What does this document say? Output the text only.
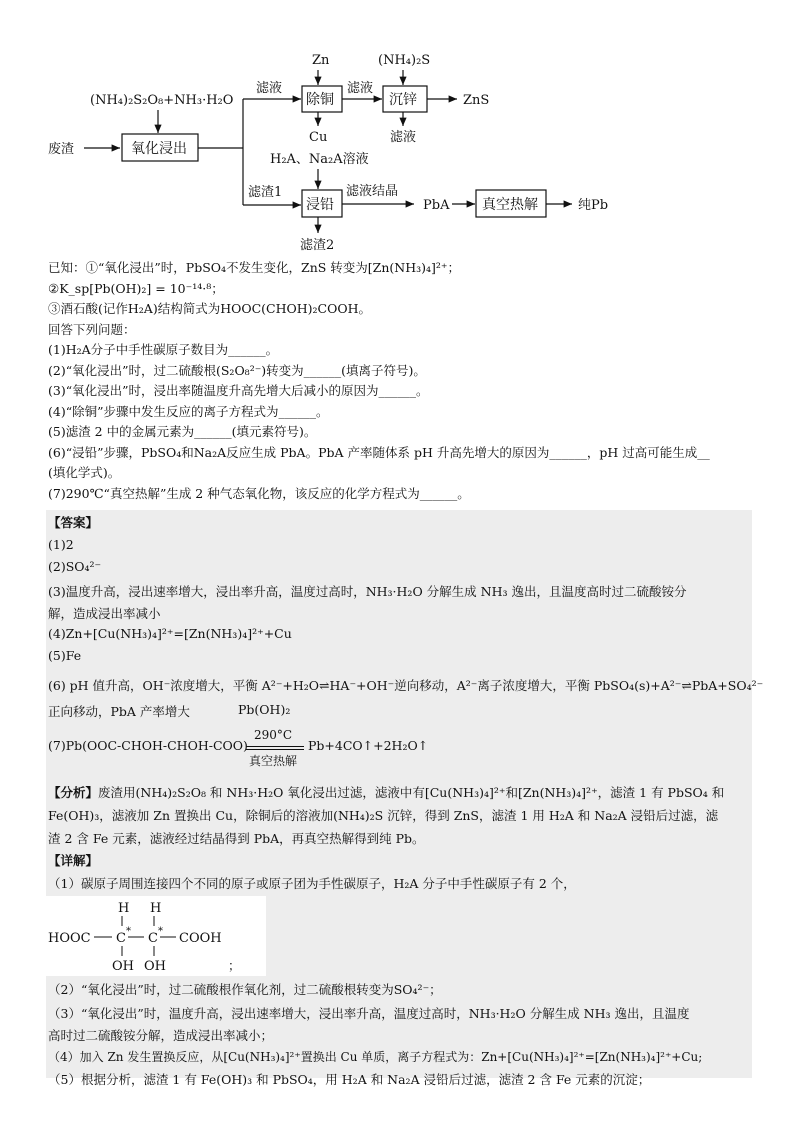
废渣
(NH₄)₂S₂O₈+NH₃·H₂O
氧化浸出
滤液
Zn
除铜
Cu
滤液
(NH₄)₂S
沉锌	ZnS
滤液
H₂A、Na₂A溶液
滤渣1
浸铅
滤渣2
滤液结晶
PbA 真空热解	纯Pb
已知：①“氧化浸出”时，PbSO₄不发生变化，ZnS 转变为[Zn(NH₃)₄]²⁺；
②K_sp[Pb(OH)₂] = 10⁻¹⁴·⁸；
③酒石酸(记作H₂A)结构简式为HOOC(CHOH)₂COOH。
回答下列问题：
(1)H₂A分子中手性碳原子数目为______。
(2)“氧化浸出”时，过二硫酸根(S₂O₈²⁻)转变为______(填离子符号)。
(3)“氧化浸出”时，浸出率随温度升高先增大后减小的原因为______。
(4)“除铜”步骤中发生反应的离子方程式为______。
(5)滤渣 2 中的金属元素为______(填元素符号)。
(6)“浸铅”步骤，PbSO₄和Na₂A反应生成 PbA。PbA 产率随体系 pH 升高先增大的原因为______，pH 过高可能生成__
(填化学式)。
(7)290℃“真空热解”生成 2 种气态氧化物，该反应的化学方程式为______。
【答案】
(1)2
(2)SO₄²⁻
(3)温度升高，浸出速率增大，浸出率升高，温度过高时，NH₃·H₂O 分解生成 NH₃ 逸出，且温度高时过二硫酸铵分
解，造成浸出率减小
(4)Zn+[Cu(NH₃)₄]²⁺=[Zn(NH₃)₄]²⁺+Cu
(5)Fe
(6) pH 值升高，OH⁻浓度增大，平衡 A²⁻+H₂O⇌HA⁻+OH⁻逆向移动，A²⁻离子浓度增大，平衡 PbSO₄(s)+A²⁻⇌PbA+SO₄²⁻
正向移动，PbA 产率增大	Pb(OH)₂
(7)Pb(OOC-CHOH-CHOH-COO)
290°C
真空热解
Pb+4CO↑+2H₂O↑
【分析】废渣用(NH₄)₂S₂O₈ 和 NH₃·H₂O 氧化浸出过滤，滤液中有[Cu(NH₃)₄]²⁺和[Zn(NH₃)₄]²⁺，滤渣 1 有 PbSO₄ 和
Fe(OH)₃，滤液加 Zn 置换出 Cu，除铜后的溶液加(NH₄)₂S 沉锌，得到 ZnS，滤渣 1 用 H₂A 和 Na₂A 浸铅后过滤，滤
渣 2 含 Fe 元素，滤液经过结晶得到 PbA，再真空热解得到纯 Pb。
【详解】
（1）碳原子周围连接四个不同的原子或原子团为手性碳原子，H₂A 分子中手性碳原子有 2 个，
H H
HOOC C * C * COOH
OH OH	；
（2）“氧化浸出”时，过二硫酸根作氧化剂，过二硫酸根转变为SO₄²⁻；
（3）“氧化浸出”时，温度升高，浸出速率增大，浸出率升高，温度过高时，NH₃·H₂O 分解生成 NH₃ 逸出，且温度
高时过二硫酸铵分解，造成浸出率减小；
（4）加入 Zn 发生置换反应，从[Cu(NH₃)₄]²⁺置换出 Cu 单质，离子方程式为：Zn+[Cu(NH₃)₄]²⁺=[Zn(NH₃)₄]²⁺+Cu;
（5）根据分析，滤渣 1 有 Fe(OH)₃ 和 PbSO₄，用 H₂A 和 Na₂A 浸铅后过滤，滤渣 2 含 Fe 元素的沉淀；
